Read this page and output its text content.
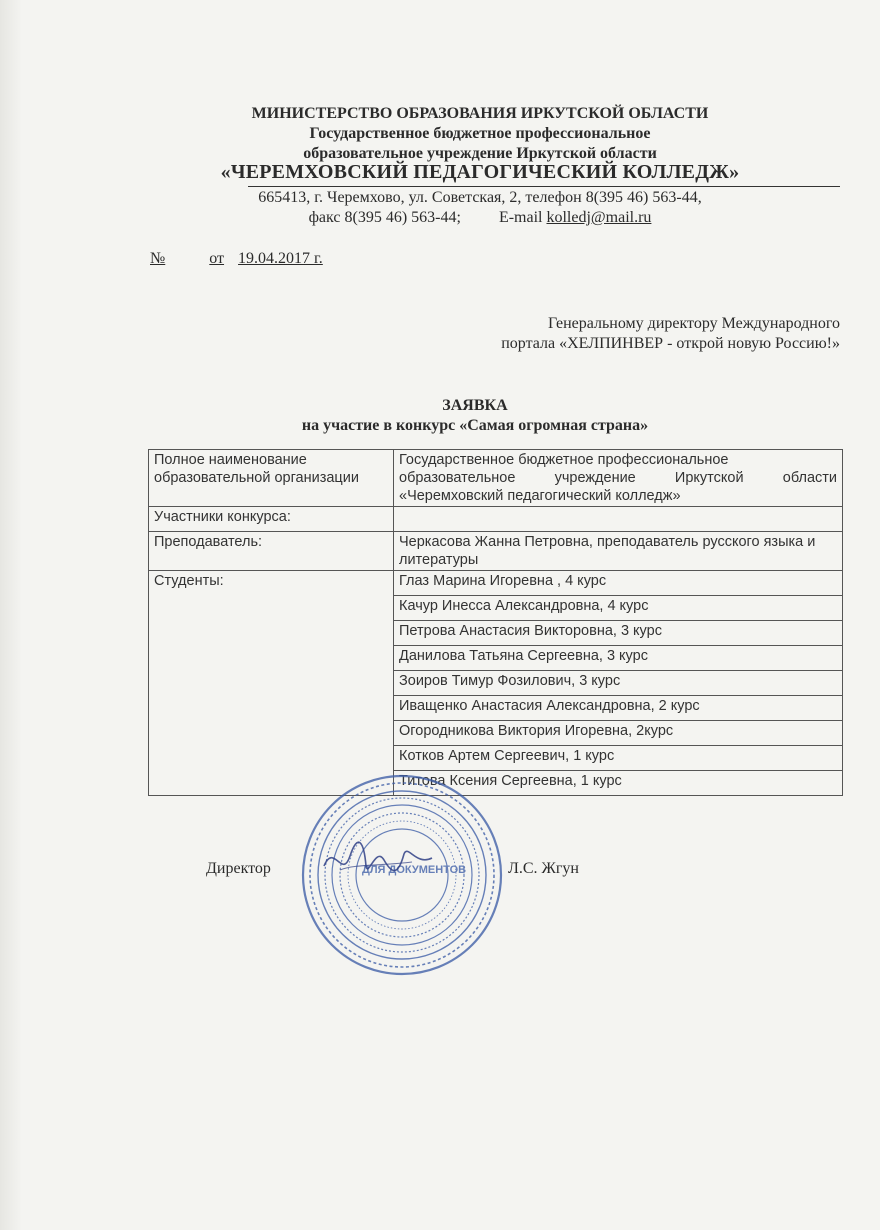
МИНИСТЕРСТВО ОБРАЗОВАНИЯ ИРКУТСКОЙ ОБЛАСТИ
Государственное бюджетное профессиональное
образовательное учреждение Иркутской области
«ЧЕРЕМХОВСКИЙ ПЕДАГОГИЧЕСКИЙ КОЛЛЕДЖ»
665413, г. Черемхово, ул. Советская, 2, телефон 8(395 46) 563-44,
факс 8(395 46) 563-44; E-mail kolledj@mail.ru
№	от 19.04.2017 г.
Генеральному директору Международного
портала «ХЕЛПИНВЕР - открой новую Россию!»
ЗАЯВКА
на участие в конкурс «Самая огромная страна»
Полное наименование образовательной организации	Государственное бюджетное профессиональное
образовательное учреждение Иркутской области
«Черемховский педагогический колледж»

Участники конкурса:	
Преподаватель:	Черкасова Жанна Петровна, преподаватель русского языка и литературы
Студенты:	Глаз Марина Игоревна , 4 курс
	Качур Инесса Александровна, 4 курс
	Петрова Анастасия Викторовна, 3 курс
	Данилова Татьяна Сергеевна, 3 курс
	Зоиров Тимур Фозилович, 3 курс
	Иващенко Анастасия Александровна, 2 курс
	Огородникова Виктория Игоревна, 2курс
	Котков Артем Сергеевич, 1 курс
	Титова Ксения Сергеевна, 1 курс
Директор	Л.С. Жгун
ДЛЯ ДОКУМЕНТОВ
